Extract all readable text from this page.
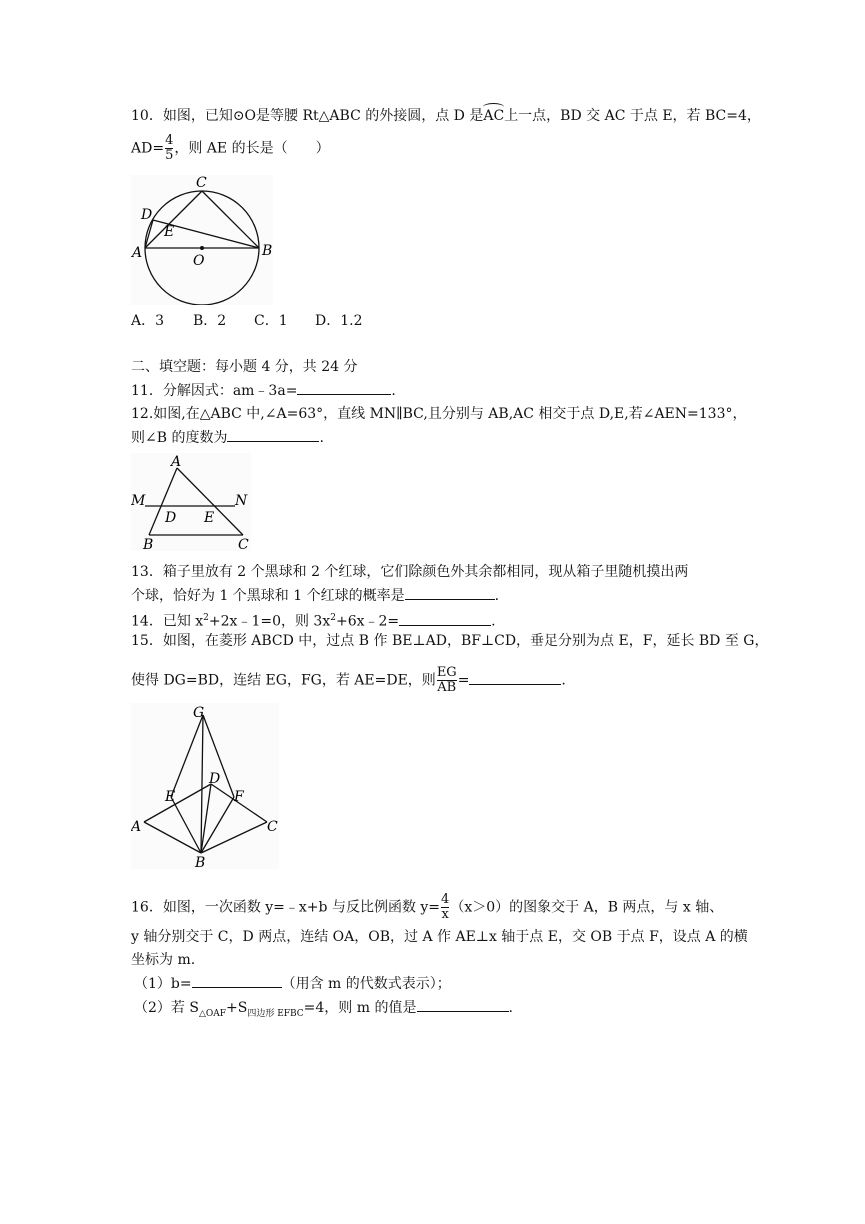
10．如图，已知⊙O是等腰 Rt△ABC 的外接圆，点 D 是AC上一点，BD 交 AC 于点 E，若 BC=4，
$AD= \frac{4}{5}$ ，则 AE 的长是（　　）
C
D
E
A	O
B
A．3 B．2 C．1 D．1.2
二、填空题：每小题 4 分，共 24 分
11．分解因式：am﹣3a=	.
12.如图,在△ABC 中,∠A=63°，直线 MN∥BC,且分别与 AB,AC 相交于点 D,E,若∠AEN=133°，
则∠B 的度数为	.
A
M	N
D E
B	C
13．箱子里放有 2 个黑球和 2 个红球，它们除颜色外其余都相同，现从箱子里随机摸出两
个球，恰好为 1 个黑球和 1 个红球的概率是	.
14．已知 $x^2+2x﹣1=0$，则 $3x^2+6x﹣2=$	.
15．如图，在菱形 ABCD 中，过点 B 作 BE⊥AD，BF⊥CD，垂足分别为点 E，F，延长 BD 至 G，
使得 DG=BD，连结 EG，FG，若 AE=DE，则 $\frac{EG}{AB}$ =	.
G
D
E	F
A	C
B
16．如图，一次函数 y=﹣x+b 与反比例函数 $y= \frac{4}{x} (x>0)$的图象交于 A，B 两点，与 x 轴、
y 轴分别交于 C，D 两点，连结 OA，OB，过 A 作 AE⊥x 轴于点 E，交 OB 于点 F，设点 A 的横
坐标为 m.
（1）b=	（用含 m 的代数式表示）；
（2）若 $S_{\triangle OAF}+S_{四边形 EFBC}=4$，则 m 的值是	.
